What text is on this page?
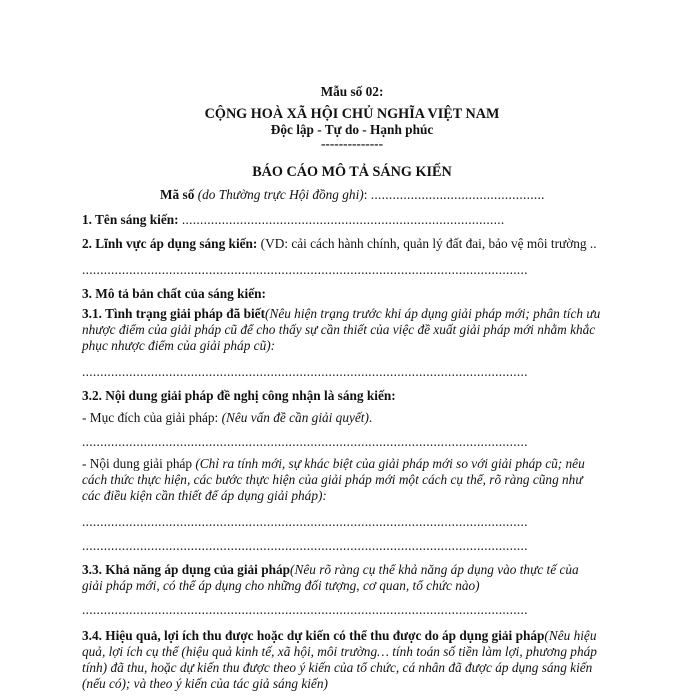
Mẫu số 02:
CỘNG HOÀ XÃ HỘI CHỦ NGHĨA VIỆT NAM
Độc lập - Tự do - Hạnh phúc
--------------
BÁO CÁO MÔ TẢ SÁNG KIẾN
Mã số (do Thường trực Hội đồng ghi): ................................................
1. Tên sáng kiến: .........................................................................................
2. Lĩnh vực áp dụng sáng kiến: (VD: cải cách hành chính, quản lý đất đai, bảo vệ môi trường ..
...........................................................................................................................
3. Mô tả bản chất của sáng kiến:
3.1. Tình trạng giải pháp đã biết(Nêu hiện trạng trước khi áp dụng giải pháp mới; phân tích ưu
nhược điểm của giải pháp cũ để cho thấy sự cần thiết của việc đề xuất giải pháp mới nhằm khắc
phục nhược điểm của giải pháp cũ):
...........................................................................................................................
3.2. Nội dung giải pháp đề nghị công nhận là sáng kiến:
- Mục đích của giải pháp: (Nêu vấn đề cần giải quyết).
...........................................................................................................................
- Nội dung giải pháp (Chỉ ra tính mới, sự khác biệt của giải pháp mới so với giải pháp cũ; nêu
cách thức thực hiện, các bước thực hiện của giải pháp mới một cách cụ thể, rõ ràng cũng như
các điều kiện cần thiết để áp dụng giải pháp):
...........................................................................................................................
...........................................................................................................................
3.3. Khả năng áp dụng của giải pháp(Nêu rõ ràng cụ thể khả năng áp dụng vào thực tế của
giải pháp mới, có thể áp dụng cho những đối tượng, cơ quan, tổ chức nào)
...........................................................................................................................
3.4. Hiệu quả, lợi ích thu được hoặc dự kiến có thể thu được do áp dụng giải pháp(Nêu hiệu
quả, lợi ích cụ thể (hiệu quả kinh tế, xã hội, môi trường… tính toán số tiền làm lợi, phương pháp
tính) đã thu, hoặc dự kiến thu được theo ý kiến của tổ chức, cá nhân đã được áp dụng sáng kiến
(nếu có); và theo ý kiến của tác giả sáng kiến)
